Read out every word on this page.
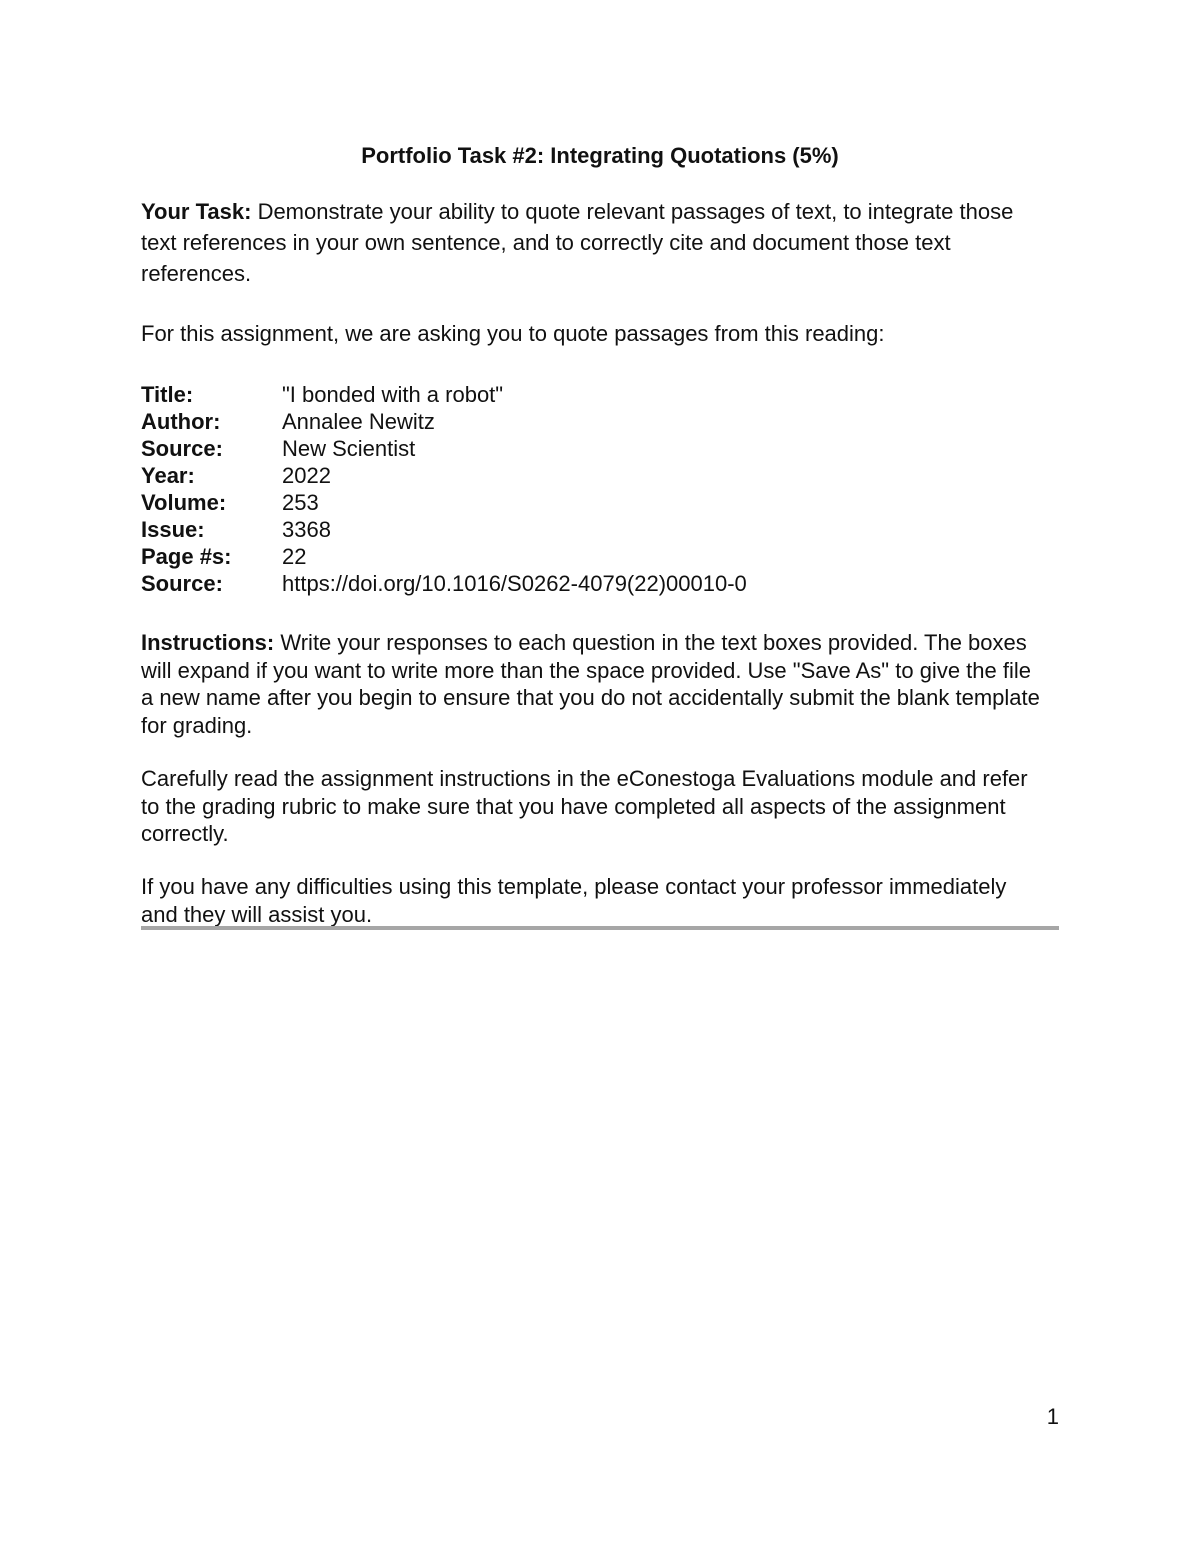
Portfolio Task #2: Integrating Quotations (5%)

Your Task: Demonstrate your ability to quote relevant passages of text, to integrate those text references in your own sentence, and to correctly cite and document those text references.

For this assignment, we are asking you to quote passages from this reading:

Title:	"I bonded with a robot"
Author:	Annalee Newitz
Source:	New Scientist
Year:	2022
Volume:	253
Issue:	3368
Page #s:	22
Source:	https://doi.org/10.1016/S0262-4079(22)00010-0

Instructions: Write your responses to each question in the text boxes provided. The boxes will expand if you want to write more than the space provided. Use "Save As" to give the file a new name after you begin to ensure that you do not accidentally submit the blank template for grading.

Carefully read the assignment instructions in the eConestoga Evaluations module and refer to the grading rubric to make sure that you have completed all aspects of the assignment correctly.

If you have any difficulties using this template, please contact your professor immediately and they will assist you.

1
